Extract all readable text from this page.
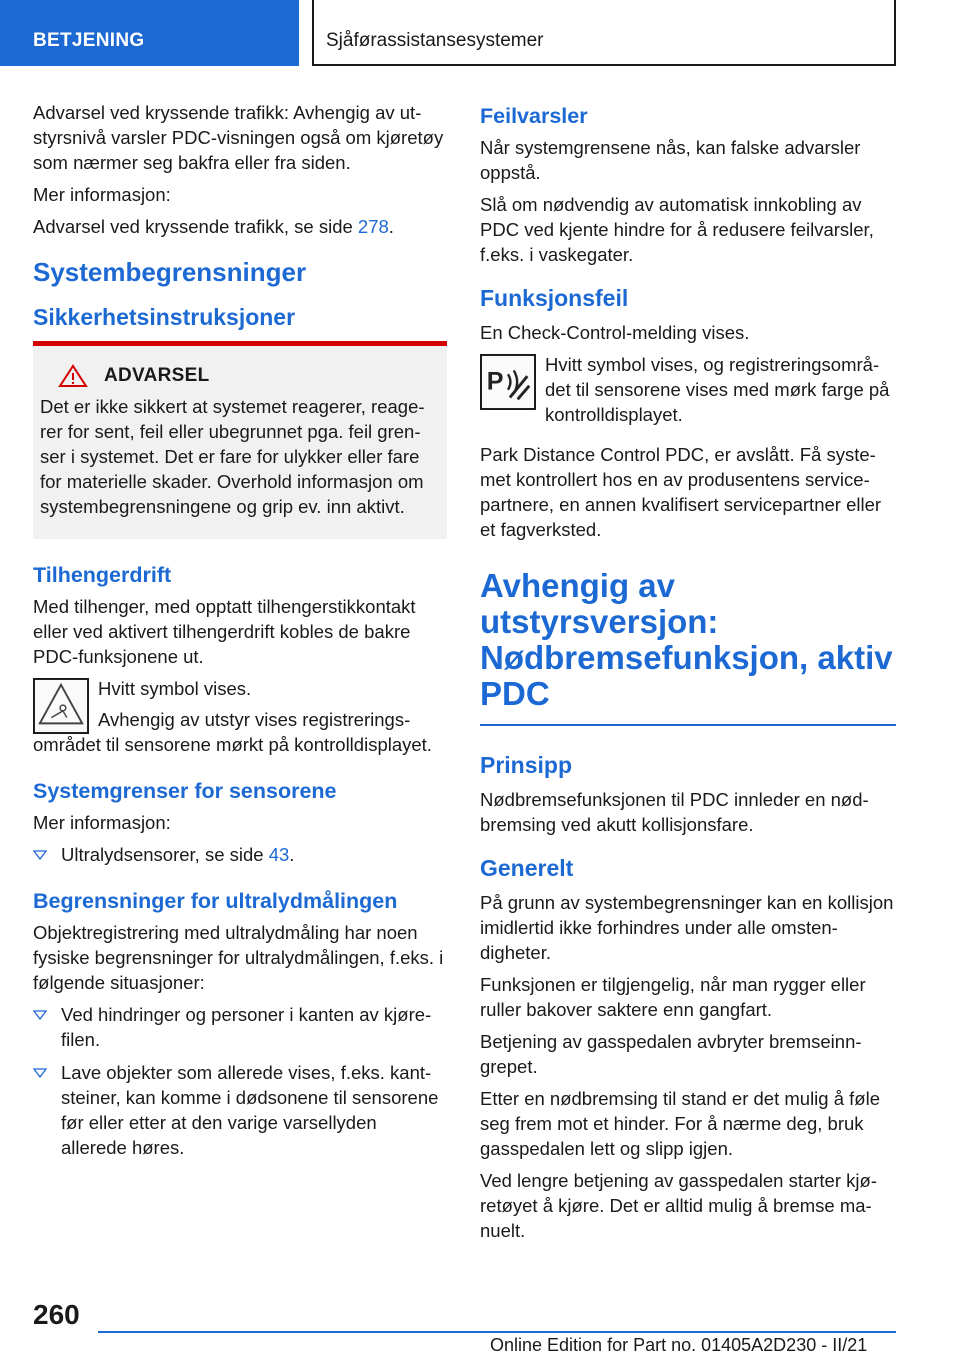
BETJENING	Sjåførassistansesystemer

Advarsel ved kryssende trafikk: Avhengig av utstyrsnivå varsler PDC-visningen også om kjøretøy som nærmer seg bakfra eller fra siden.

Mer informasjon:

Advarsel ved kryssende trafikk, se side 278.

Systembegrensninger
Sikkerhetsinstruksjoner
ADVARSEL

Det er ikke sikkert at systemet reagerer, reagerer for sent, feil eller ubegrunnet pga. feil grenser i systemet. Det er fare for ulykker eller fare for materielle skader. Overhold informasjon om systembegrensningene og grip ev. inn aktivt.

Tilhengerdrift

Med tilhenger, med opptatt tilhengerstikkontakt eller ved aktivert tilhengerdrift kobles de bakre PDC-funksjonene ut.

Hvitt symbol vises.

Avhengig av utstyr vises registreringsområdet til sensorene mørkt på kontrolldisplayet.

Systemgrenser for sensorene

Mer informasjon:

Ultralydsensorer, se side 43.
Begrensninger for ultralydmålingen

Objektregistrering med ultralydmåling har noen fysiske begrensninger for ultralydmålingen, f.eks. i følgende situasjoner:

Ved hindringer og personer i kanten av kjørefilen.
Lave objekter som allerede vises, f.eks. kantsteiner, kan komme i dødsonene til sensorene før eller etter at den varige varsellyden allerede høres.
Feilvarsler

Når systemgrensene nås, kan falske advarsler oppstå.

Slå om nødvendig av automatisk innkobling av PDC ved kjente hindre for å redusere feilvarsler, f.eks. i vaskegater.

Funksjonsfeil

En Check-Control-melding vises.

P

Hvitt symbol vises, og registreringsområdet til sensorene vises med mørk farge på kontrolldisplayet.

Park Distance Control PDC, er avslått. Få systemet kontrollert hos en av produsentens servicepartnere, en annen kvalifisert servicepartner eller et fagverksted.

Avhengig av utstyrsversjon: Nødbremsefunksjon, aktiv PDC
Prinsipp

Nødbremsefunksjonen til PDC innleder en nødbremsing ved akutt kollisjonsfare.

Generelt

På grunn av systembegrensninger kan en kollisjon imidlertid ikke forhindres under alle omstendigheter.

Funksjonen er tilgjengelig, når man rygger eller ruller bakover saktere enn gangfart.

Betjening av gasspedalen avbryter bremseinngrepet.

Etter en nødbremsing til stand er det mulig å føle seg frem mot et hinder. For å nærme deg, bruk gasspedalen lett og slipp igjen.

Ved lengre betjening av gasspedalen starter kjøretøyet å kjøre. Det er alltid mulig å bremse manuelt.

260
Online Edition for Part no. 01405A2D230 - II/21
